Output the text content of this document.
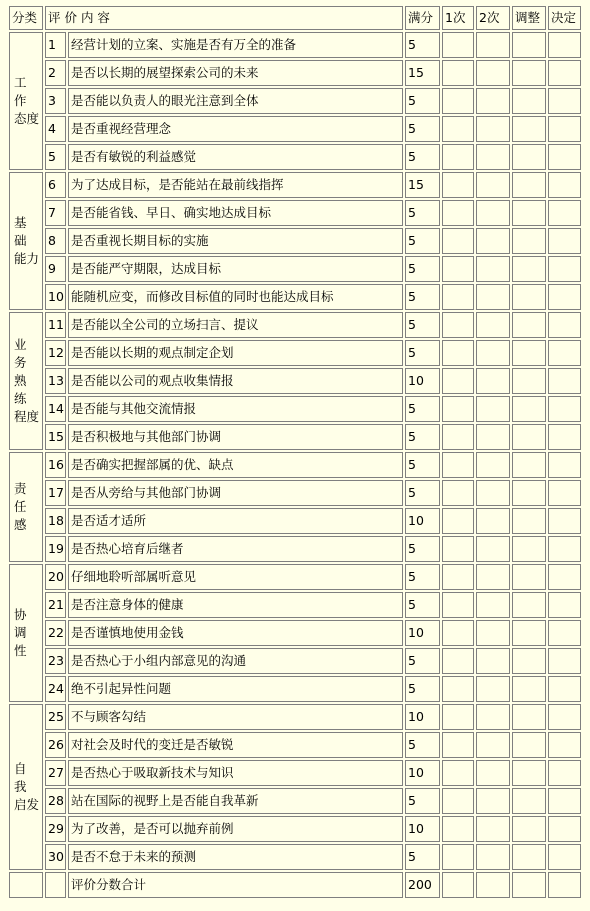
分类	评 价 内 容		满分	1次	2次	调整	决定

工 作
态度	1	经营计划的立案、实施是否有万全的准备	5				
	2	是否以长期的展望探索公司的未来	15				
	3	是否能以负责人的眼光注意到全体	5				
	4	是否重视经营理念	5				
	5	是否有敏锐的利益感觉	5				

基 础
能力	6	为了达成目标，是否能站在最前线指挥	15				
	7	是否能省钱、早日、确实地达成目标	5				
	8	是否重视长期目标的实施	5				
	9	是否能严守期限，达成目标	5				
	10	能随机应变，而修改目标值的同时也能达成目标	5				

业 务
熟 练
程度	11	是否能以全公司的立场扫言、提议	5				
	12	是否能以长期的观点制定企划	5				
	13	是否能以公司的观点收集情报	10				
	14	是否能与其他交流情报	5				
	15	是否积极地与其他部门协调	5				

责 任
感	16	是否确实把握部属的优、缺点	5				
	17	是否从旁给与其他部门协调	5				
	18	是否适才适所	10				
	19	是否热心培育后继者	5				

协 调
性	20	仔细地聆听部属听意见	5				
	21	是否注意身体的健康	5				
	22	是否谨慎地使用金钱	10				
	23	是否热心于小组内部意见的沟通	5				
	24	绝不引起异性问题	5				

自 我
启发	25	不与顾客勾结	10				
	26	对社会及时代的变迁是否敏锐	5				
	27	是否热心于吸取新技术与知识	10				
	28	站在国际的视野上是否能自我革新	5				
	29	为了改善，是否可以抛弃前例	10				
	30	是否不怠于未来的预测	5				
		评价分数合计	200				
